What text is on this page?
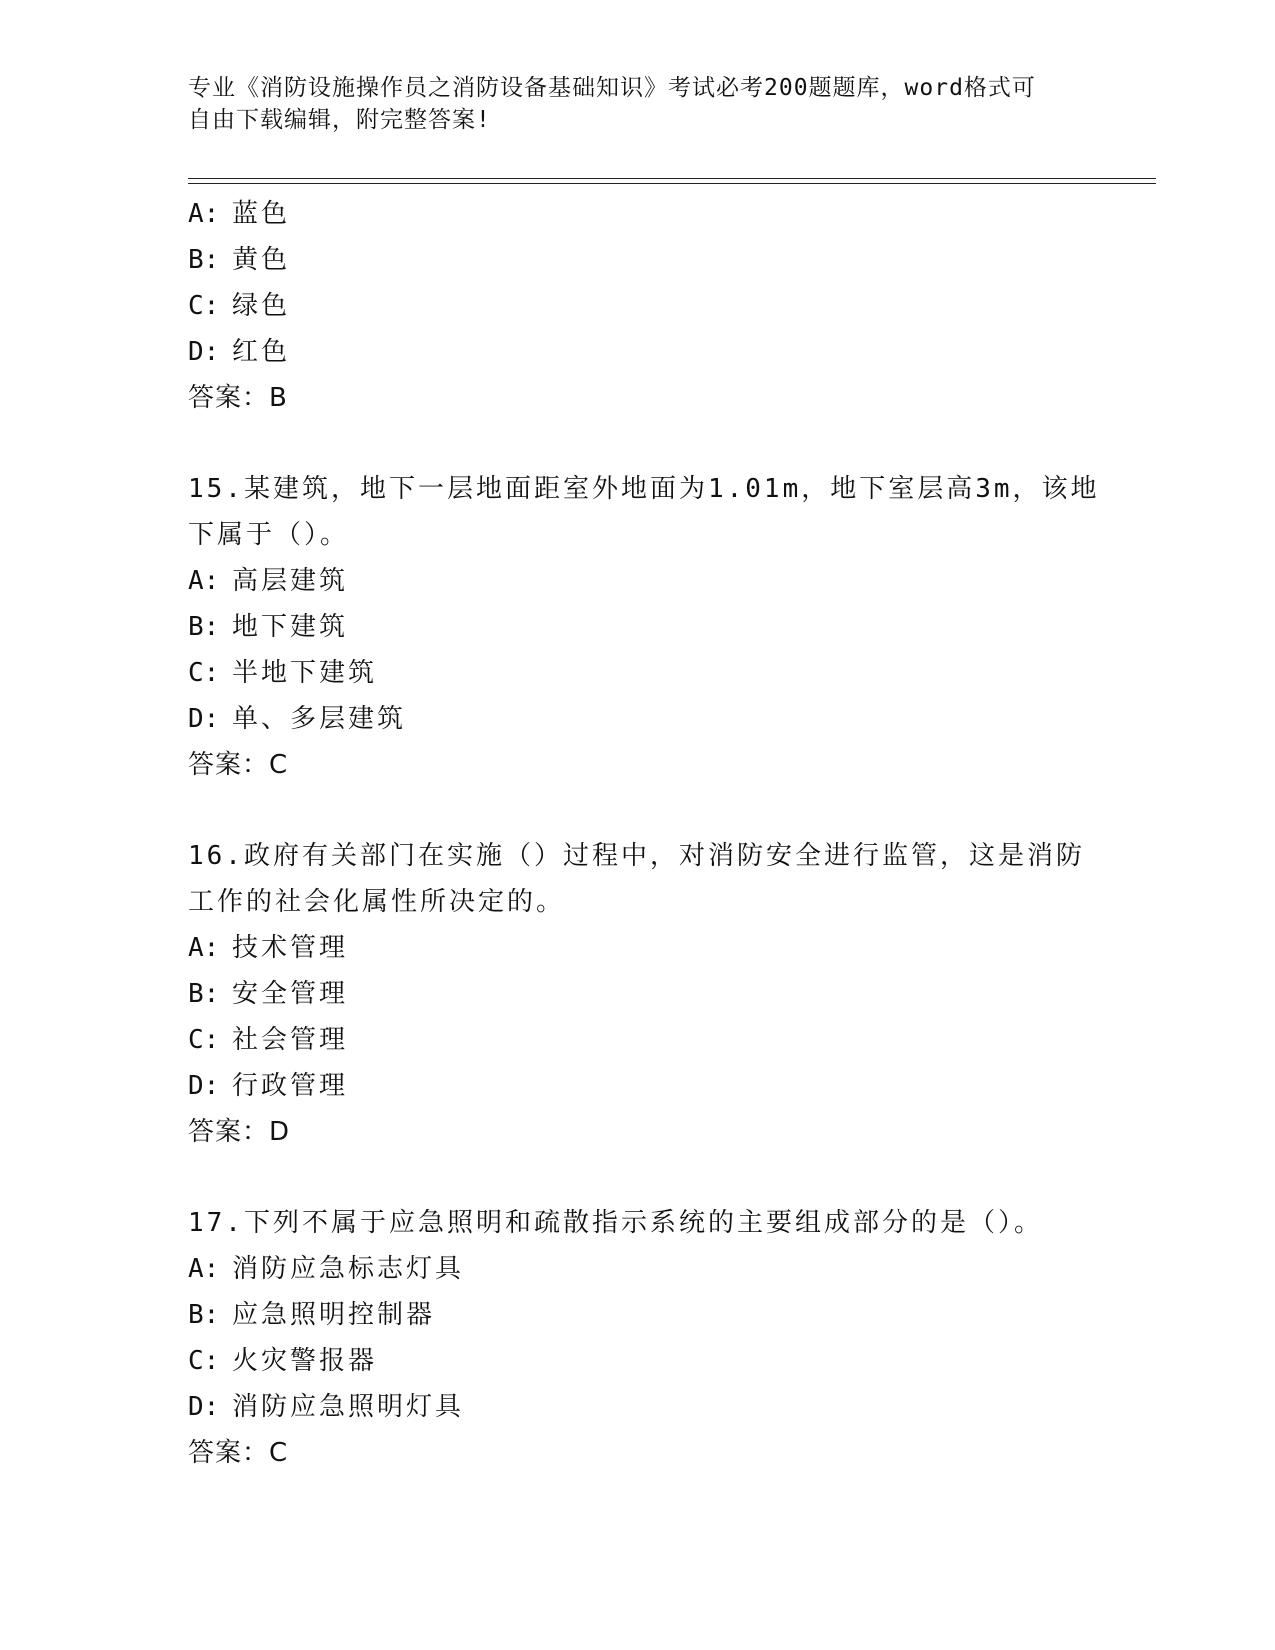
专业《消防设施操作员之消防设备基础知识》考试必考200题题库，word格式可
自由下载编辑，附完整答案!
A: 蓝色
B: 黄色
C: 绿色
D: 红色
答案：B
15.某建筑，地下一层地面距室外地面为1.01m，地下室层高3m，该地
下属于（）。
A: 高层建筑
B: 地下建筑
C: 半地下建筑
D: 单、多层建筑
答案：C
16.政府有关部门在实施（）过程中，对消防安全进行监管，这是消防
工作的社会化属性所决定的。
A: 技术管理
B: 安全管理
C: 社会管理
D: 行政管理
答案：D
17.下列不属于应急照明和疏散指示系统的主要组成部分的是（）。
A: 消防应急标志灯具
B: 应急照明控制器
C: 火灾警报器
D: 消防应急照明灯具
答案：C
